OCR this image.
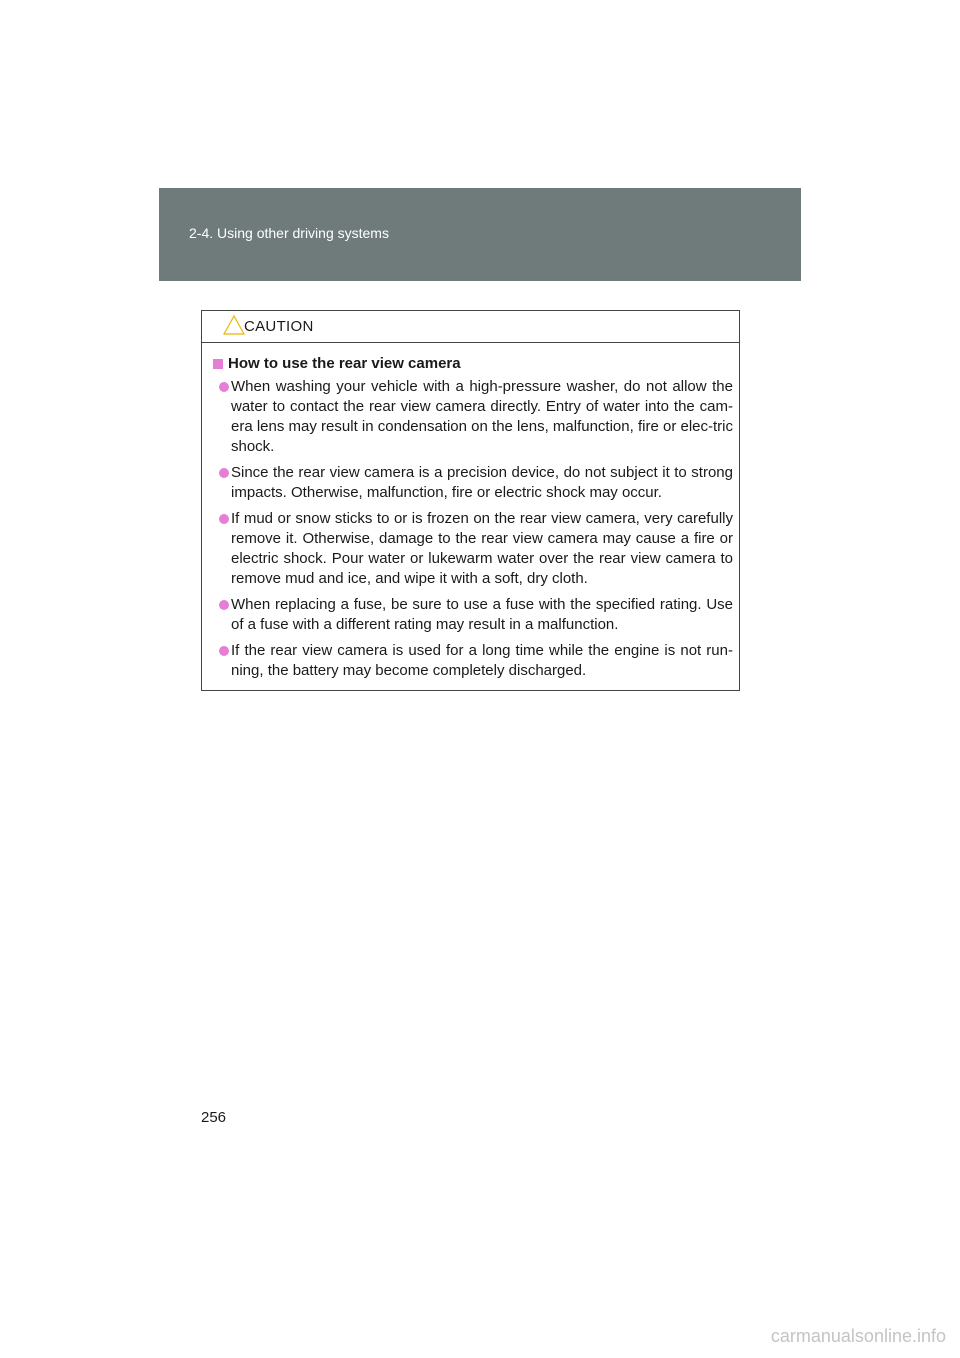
2-4. Using other driving systems
CAUTION
How to use the rear view camera
When washing your vehicle with a high-pressure washer, do not allow the water to contact the rear view camera directly. Entry of water into the cam-era lens may result in condensation on the lens, malfunction, fire or elec-tric shock.
Since the rear view camera is a precision device, do not subject it to strong impacts. Otherwise, malfunction, fire or electric shock may occur.
If mud or snow sticks to or is frozen on the rear view camera, very carefully remove it. Otherwise, damage to the rear view camera may cause a fire or electric shock. Pour water or lukewarm water over the rear view camera to remove mud and ice, and wipe it with a soft, dry cloth.
When replacing a fuse, be sure to use a fuse with the specified rating. Use of a fuse with a different rating may result in a malfunction.
If the rear view camera is used for a long time while the engine is not run-ning, the battery may become completely discharged.
256
carmanualsonline.info
